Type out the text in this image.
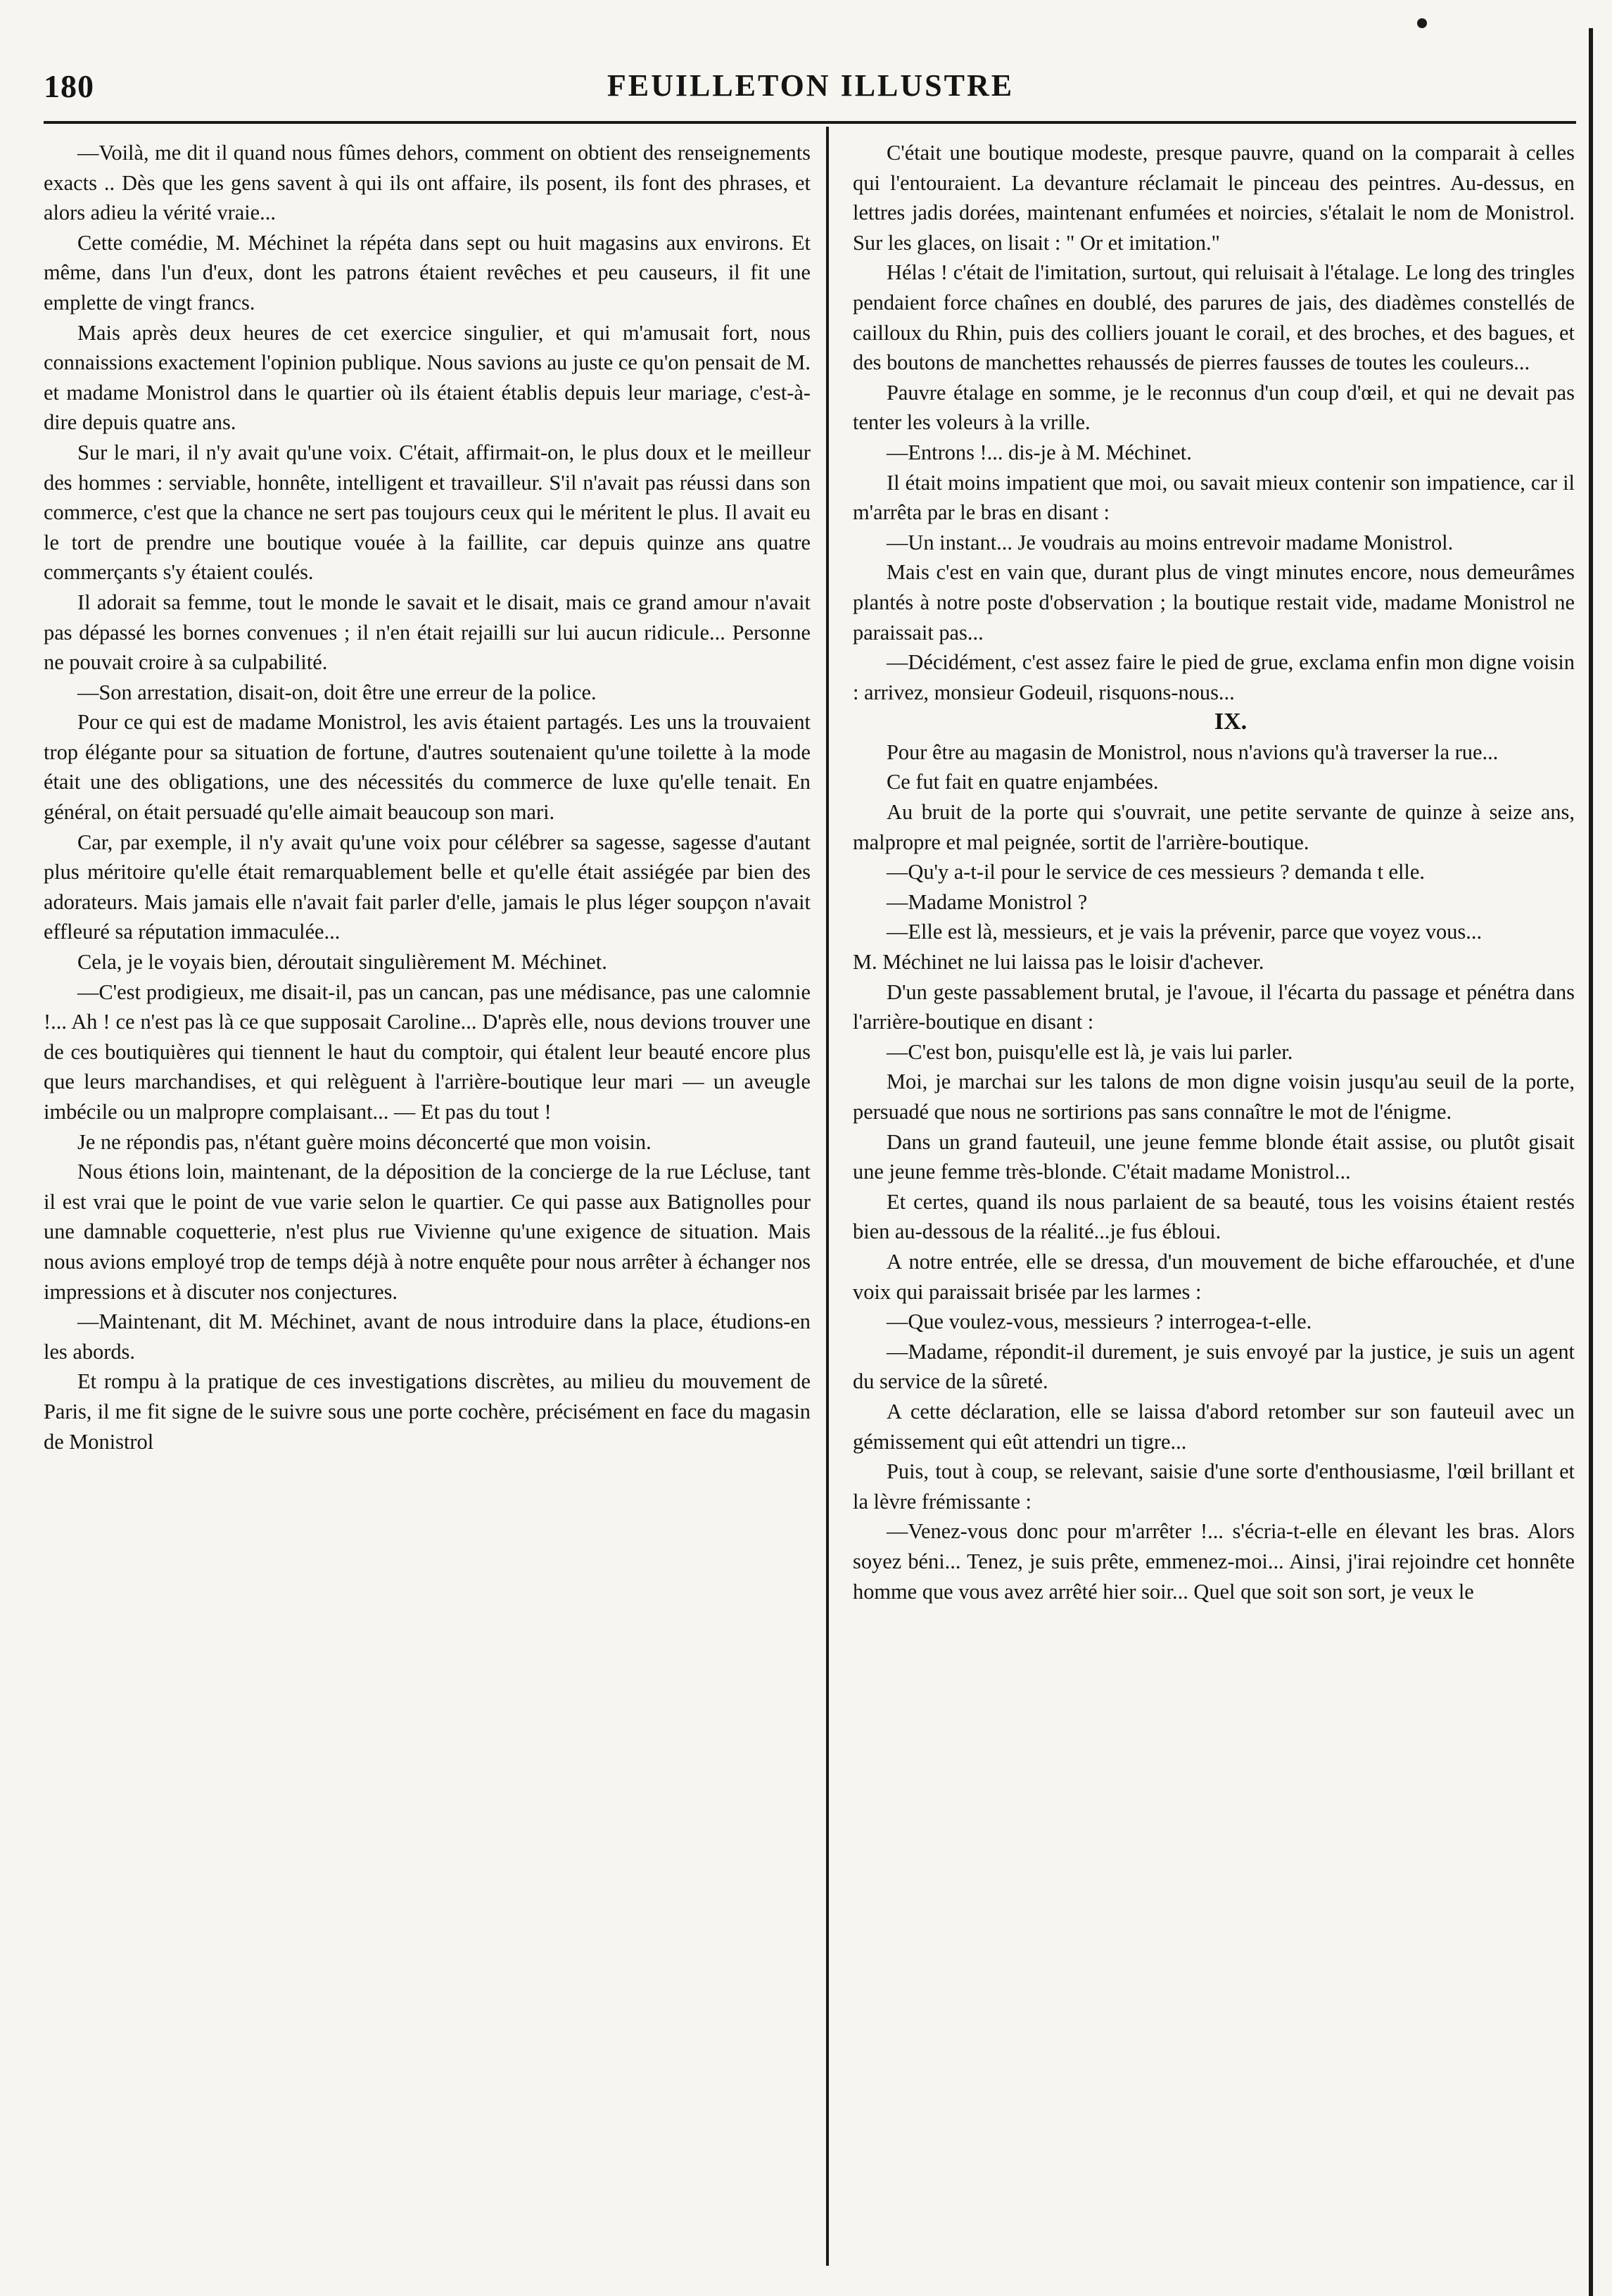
180	FEUILLETON ILLUSTRE

—Voilà, me dit il quand nous fûmes dehors, comment on obtient des renseignements exacts .. Dès que les gens savent à qui ils ont affaire, ils posent, ils font des phrases, et alors adieu la vérité vraie...

Cette comédie, M. Méchinet la répéta dans sept ou huit magasins aux environs. Et même, dans l'un d'eux, dont les patrons étaient revêches et peu causeurs, il fit une emplette de vingt francs.

Mais après deux heures de cet exercice singulier, et qui m'amusait fort, nous connaissions exactement l'opinion publique. Nous savions au juste ce qu'on pensait de M. et madame Monistrol dans le quartier où ils étaient établis depuis leur mariage, c'est-à-dire depuis quatre ans.

Sur le mari, il n'y avait qu'une voix. C'était, affirmait-on, le plus doux et le meilleur des hommes : serviable, honnête, intelligent et travailleur. S'il n'avait pas réussi dans son commerce, c'est que la chance ne sert pas toujours ceux qui le méritent le plus. Il avait eu le tort de prendre une boutique vouée à la faillite, car depuis quinze ans quatre commerçants s'y étaient coulés.

Il adorait sa femme, tout le monde le savait et le disait, mais ce grand amour n'avait pas dépassé les bornes convenues ; il n'en était rejailli sur lui aucun ridicule... Personne ne pouvait croire à sa culpabilité.

—Son arrestation, disait-on, doit être une erreur de la police.

Pour ce qui est de madame Monistrol, les avis étaient partagés. Les uns la trouvaient trop élégante pour sa situation de fortune, d'autres soutenaient qu'une toilette à la mode était une des obligations, une des nécessités du commerce de luxe qu'elle tenait. En général, on était persuadé qu'elle aimait beaucoup son mari.

Car, par exemple, il n'y avait qu'une voix pour célébrer sa sagesse, sagesse d'autant plus méritoire qu'elle était remarquablement belle et qu'elle était assiégée par bien des adorateurs. Mais jamais elle n'avait fait parler d'elle, jamais le plus léger soupçon n'avait effleuré sa réputation immaculée...

Cela, je le voyais bien, déroutait singulièrement M. Méchinet.

—C'est prodigieux, me disait-il, pas un cancan, pas une médisance, pas une calomnie !... Ah ! ce n'est pas là ce que supposait Caroline... D'après elle, nous devions trouver une de ces boutiquières qui tiennent le haut du comptoir, qui étalent leur beauté encore plus que leurs marchandises, et qui relèguent à l'arrière-boutique leur mari — un aveugle imbécile ou un malpropre complaisant... — Et pas du tout !

Je ne répondis pas, n'étant guère moins déconcerté que mon voisin.

Nous étions loin, maintenant, de la déposition de la concierge de la rue Lécluse, tant il est vrai que le point de vue varie selon le quartier. Ce qui passe aux Batignolles pour une damnable coquetterie, n'est plus rue Vivienne qu'une exigence de situation. Mais nous avions employé trop de temps déjà à notre enquête pour nous arrêter à échanger nos impressions et à discuter nos conjectures.

—Maintenant, dit M. Méchinet, avant de nous introduire dans la place, étudions-en les abords.

Et rompu à la pratique de ces investigations discrètes, au milieu du mouvement de Paris, il me fit signe de le suivre sous une porte cochère, précisément en face du magasin de Monistrol

C'était une boutique modeste, presque pauvre, quand on la comparait à celles qui l'entouraient. La devanture réclamait le pinceau des peintres. Au-dessus, en lettres jadis dorées, maintenant enfumées et noircies, s'étalait le nom de Monistrol. Sur les glaces, on lisait : " Or et imitation."

Hélas ! c'était de l'imitation, surtout, qui reluisait à l'étalage. Le long des tringles pendaient force chaînes en doublé, des parures de jais, des diadèmes constellés de cailloux du Rhin, puis des colliers jouant le corail, et des broches, et des bagues, et des boutons de manchettes rehaussés de pierres fausses de toutes les couleurs...

Pauvre étalage en somme, je le reconnus d'un coup d'œil, et qui ne devait pas tenter les voleurs à la vrille.

—Entrons !... dis-je à M. Méchinet.

Il était moins impatient que moi, ou savait mieux contenir son impatience, car il m'arrêta par le bras en disant :

—Un instant... Je voudrais au moins entrevoir madame Monistrol.

Mais c'est en vain que, durant plus de vingt minutes encore, nous demeurâmes plantés à notre poste d'observation ; la boutique restait vide, madame Monistrol ne paraissait pas...

—Décidément, c'est assez faire le pied de grue, exclama enfin mon digne voisin : arrivez, monsieur Godeuil, risquons-nous...

IX.

Pour être au magasin de Monistrol, nous n'avions qu'à traverser la rue...

Ce fut fait en quatre enjambées.

Au bruit de la porte qui s'ouvrait, une petite servante de quinze à seize ans, malpropre et mal peignée, sortit de l'arrière-boutique.

—Qu'y a-t-il pour le service de ces messieurs ? demanda t elle.

—Madame Monistrol ?

—Elle est là, messieurs, et je vais la prévenir, parce que voyez vous...

M. Méchinet ne lui laissa pas le loisir d'achever.

D'un geste passablement brutal, je l'avoue, il l'écarta du passage et pénétra dans l'arrière-boutique en disant :

—C'est bon, puisqu'elle est là, je vais lui parler.

Moi, je marchai sur les talons de mon digne voisin jusqu'au seuil de la porte, persuadé que nous ne sortirions pas sans connaître le mot de l'énigme.

Dans un grand fauteuil, une jeune femme blonde était assise, ou plutôt gisait une jeune femme très-blonde. C'était madame Monistrol...

Et certes, quand ils nous parlaient de sa beauté, tous les voisins étaient restés bien au-dessous de la réalité...je fus ébloui.

A notre entrée, elle se dressa, d'un mouvement de biche effarouchée, et d'une voix qui paraissait brisée par les larmes :

—Que voulez-vous, messieurs ? interrogea-t-elle.

—Madame, répondit-il durement, je suis envoyé par la justice, je suis un agent du service de la sûreté.

A cette déclaration, elle se laissa d'abord retomber sur son fauteuil avec un gémissement qui eût attendri un tigre...

Puis, tout à coup, se relevant, saisie d'une sorte d'enthousiasme, l'œil brillant et la lèvre frémissante :

—Venez-vous donc pour m'arrêter !... s'écria-t-elle en élevant les bras. Alors soyez béni... Tenez, je suis prête, emmenez-moi... Ainsi, j'irai rejoindre cet honnête homme que vous avez arrêté hier soir... Quel que soit son sort, je veux le
